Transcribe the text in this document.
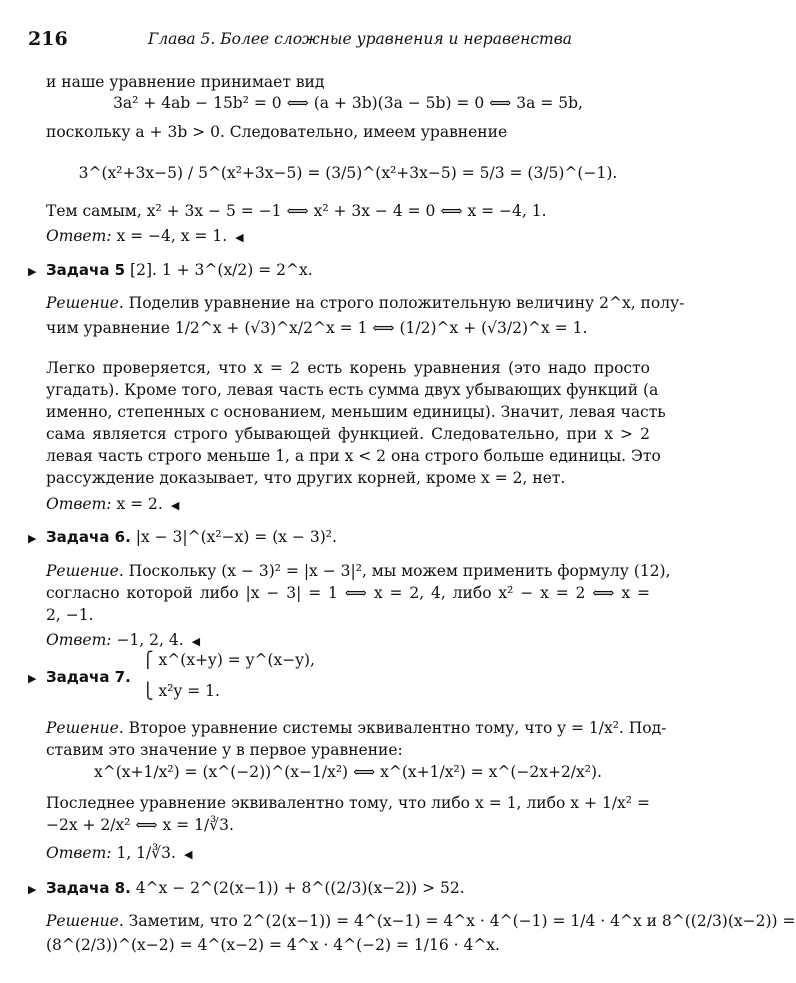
216	Глава 5. Более сложные уравнения и неравенства
и наше уравнение принимает вид
3a² + 4ab − 15b² = 0 ⟺ (a + 3b)(3a − 5b) = 0 ⟺ 3a = 5b,
поскольку a + 3b > 0. Следовательно, имеем уравнение
3^(x²+3x−5) / 5^(x²+3x−5) = (3/5)^(x²+3x−5) = 5/3 = (3/5)^(−1).
Тем самым, x² + 3x − 5 = −1 ⟺ x² + 3x − 4 = 0 ⟺ x = −4, 1.
Ответ: x = −4, x = 1. ◀
▶ Задача 5 [2]. 1 + 3^(x/2) = 2^x.
Решение. Поделив уравнение на строго положительную величину 2^x, полу-
чим уравнение 1/2^x + (√3)^x/2^x = 1 ⟺ (1/2)^x + (√3/2)^x = 1.
Легко проверяется, что x = 2 есть корень уравнения (это надо просто
угадать). Кроме того, левая часть есть сумма двух убывающих функций (а
именно, степенных с основанием, меньшим единицы). Значит, левая часть
сама является строго убывающей функцией. Следовательно, при x > 2
левая часть строго меньше 1, а при x < 2 она строго больше единицы. Это
рассуждение доказывает, что других корней, кроме x = 2, нет.
Ответ: x = 2. ◀
▶ Задача 6. |x − 3|^(x²−x) = (x − 3)².
Решение. Поскольку (x − 3)² = |x − 3|², мы можем применить формулу (12),
согласно которой либо |x − 3| = 1 ⟺ x = 2, 4, либо x² − x = 2 ⟺ x =
2, −1.
Ответ: −1, 2, 4. ◀
⎧ x^(x+y) = y^(x−y),
▶ Задача 7.
⎩ x²y = 1.
Решение. Второе уравнение системы эквивалентно тому, что y = 1/x². Под-
ставим это значение y в первое уравнение:
x^(x+1/x²) = (x^(−2))^(x−1/x²) ⟺ x^(x+1/x²) = x^(−2x+2/x²).
Последнее уравнение эквивалентно тому, что либо x = 1, либо x + 1/x² =
−2x + 2/x² ⟺ x = 1/∛3.
Ответ: 1, 1/∛3. ◀
▶ Задача 8. 4^x − 2^(2(x−1)) + 8^((2/3)(x−2)) > 52.
Решение. Заметим, что 2^(2(x−1)) = 4^(x−1) = 4^x · 4^(−1) = 1/4 · 4^x и 8^((2/3)(x−2)) =
(8^(2/3))^(x−2) = 4^(x−2) = 4^x · 4^(−2) = 1/16 · 4^x.
